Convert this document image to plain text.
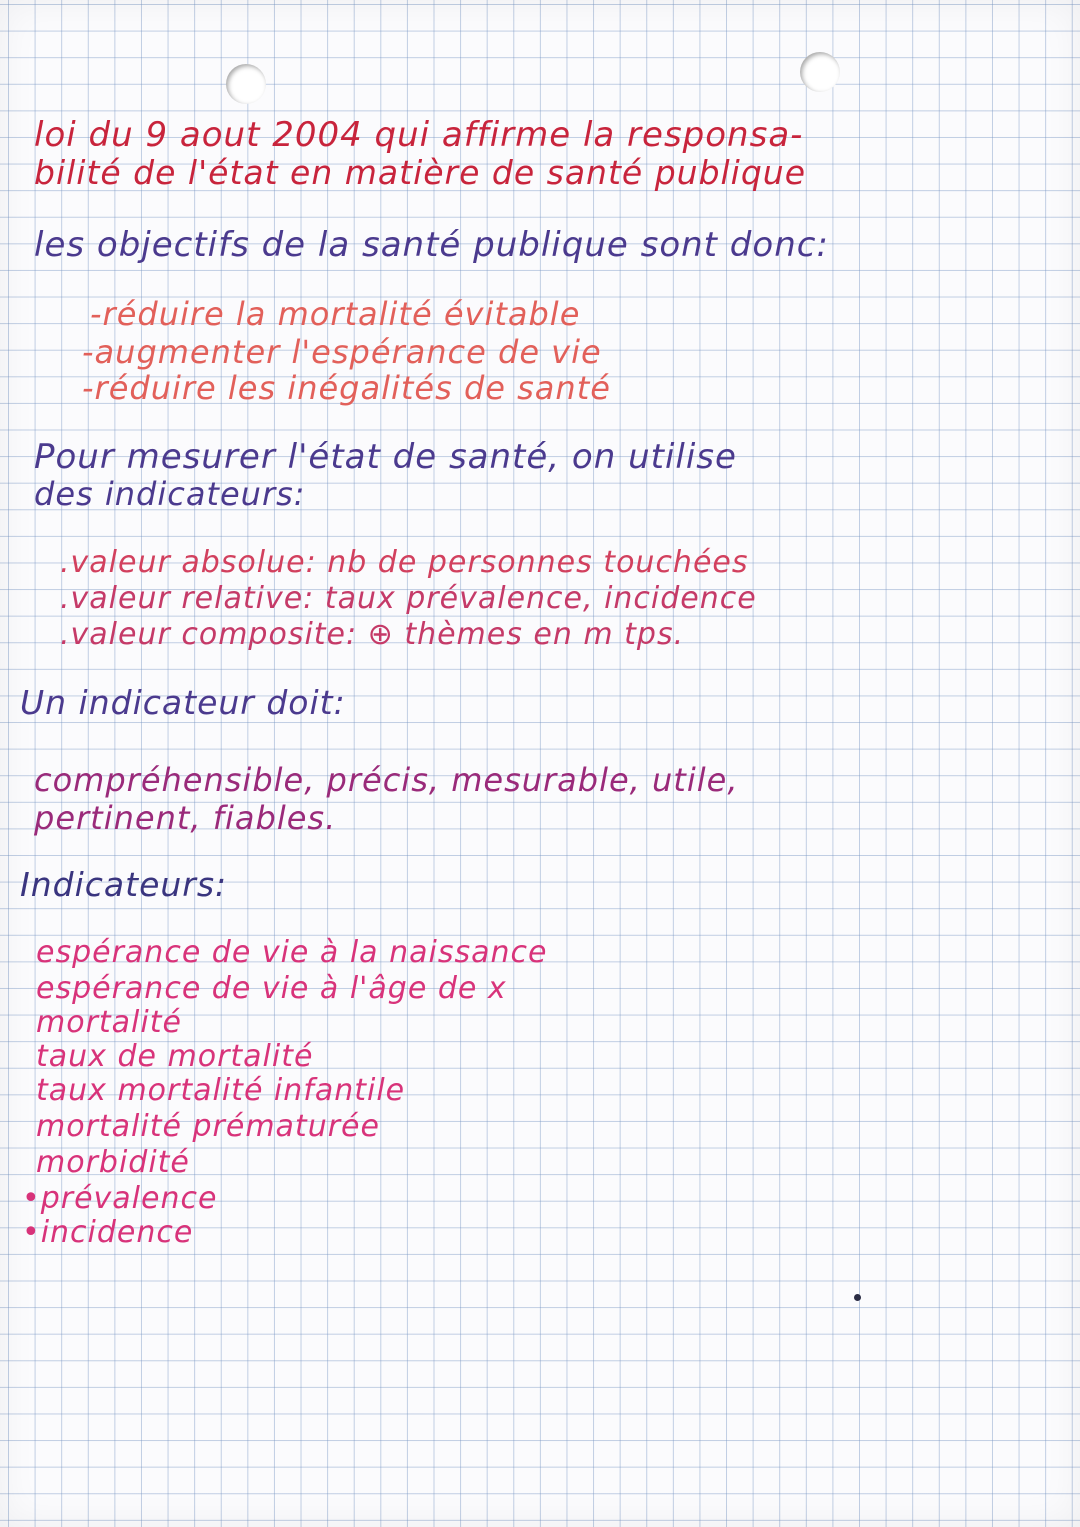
loi du 9 aout 2004 qui affirme la responsa-

bilité de l'état en matière de santé publique

les objectifs de la santé publique sont donc:

-réduire la mortalité évitable

-augmenter l'espérance de vie

-réduire les inégalités de santé

Pour mesurer l'état de santé, on utilise

des indicateurs:

.valeur absolue: nb de personnes touchées

.valeur relative: taux prévalence, incidence

.valeur composite: ⊕ thèmes en m tps.

Un indicateur doit:

compréhensible, précis, mesurable, utile,

pertinent, fiables.

Indicateurs:

espérance de vie à la naissance

espérance de vie à l'âge de x

mortalité

taux de mortalité

taux mortalité infantile

mortalité prématurée

morbidité

•prévalence

•incidence
